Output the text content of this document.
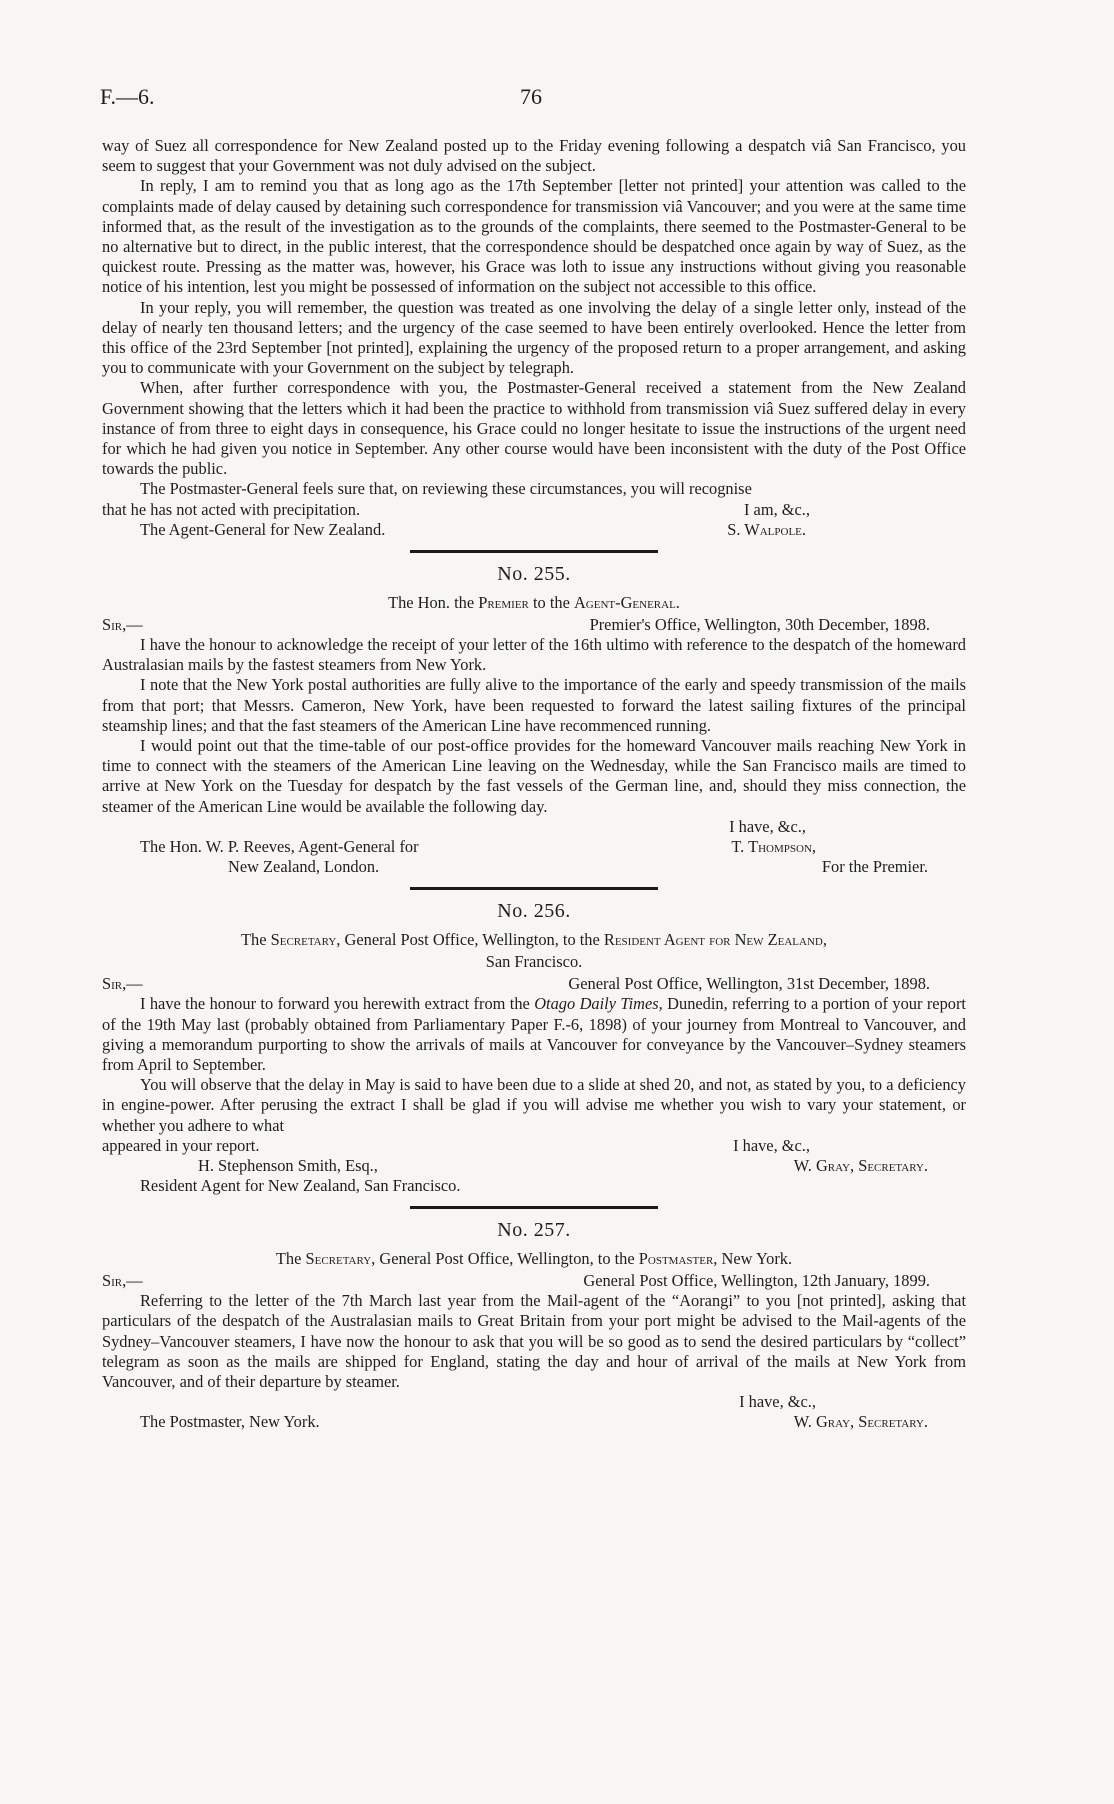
F.—6.	76

way of Suez all correspondence for New Zealand posted up to the Friday evening following a despatch viâ San Francisco, you seem to suggest that your Government was not duly advised on the subject.

In reply, I am to remind you that as long ago as the 17th September [letter not printed] your attention was called to the complaints made of delay caused by detaining such correspondence for transmission viâ Vancouver; and you were at the same time informed that, as the result of the investigation as to the grounds of the complaints, there seemed to the Postmaster-General to be no alternative but to direct, in the public interest, that the correspondence should be despatched once again by way of Suez, as the quickest route. Pressing as the matter was, however, his Grace was loth to issue any instructions without giving you reasonable notice of his intention, lest you might be possessed of information on the subject not accessible to this office.

In your reply, you will remember, the question was treated as one involving the delay of a single letter only, instead of the delay of nearly ten thousand letters; and the urgency of the case seemed to have been entirely overlooked. Hence the letter from this office of the 23rd September [not printed], explaining the urgency of the proposed return to a proper arrangement, and asking you to communicate with your Government on the subject by telegraph.

When, after further correspondence with you, the Postmaster-General received a statement from the New Zealand Government showing that the letters which it had been the practice to withhold from transmission viâ Suez suffered delay in every instance of from three to eight days in consequence, his Grace could no longer hesitate to issue the instructions of the urgent need for which he had given you notice in September. Any other course would have been inconsistent with the duty of the Post Office towards the public.

The Postmaster-General feels sure that, on reviewing these circumstances, you will recognise

that he has not acted with precipitation.	I am, &c.,
The Agent-General for New Zealand.	S. Walpole.
No. 255.
The Hon. the Premier to the Agent-General.
Sir,—	Premier's Office, Wellington, 30th December, 1898.

I have the honour to acknowledge the receipt of your letter of the 16th ultimo with reference to the despatch of the homeward Australasian mails by the fastest steamers from New York.

I note that the New York postal authorities are fully alive to the importance of the early and speedy transmission of the mails from that port; that Messrs. Cameron, New York, have been requested to forward the latest sailing fixtures of the principal steamship lines; and that the fast steamers of the American Line have recommenced running.

I would point out that the time-table of our post-office provides for the homeward Vancouver mails reaching New York in time to connect with the steamers of the American Line leaving on the Wednesday, while the San Francisco mails are timed to arrive at New York on the Tuesday for despatch by the fast vessels of the German line, and, should they miss connection, the steamer of the American Line would be available the following day.

I have, &c.,
The Hon. W. P. Reeves, Agent-General for	T. Thompson,
New Zealand, London.	For the Premier.
No. 256.
The Secretary, General Post Office, Wellington, to the Resident Agent for New Zealand,
San Francisco.
Sir,—	General Post Office, Wellington, 31st December, 1898.

I have the honour to forward you herewith extract from the Otago Daily Times, Dunedin, referring to a portion of your report of the 19th May last (probably obtained from Parliamentary Paper F.-6, 1898) of your journey from Montreal to Vancouver, and giving a memorandum purporting to show the arrivals of mails at Vancouver for conveyance by the Vancouver–Sydney steamers from April to September.

You will observe that the delay in May is said to have been due to a slide at shed 20, and not, as stated by you, to a deficiency in engine-power. After perusing the extract I shall be glad if you will advise me whether you wish to vary your statement, or whether you adhere to what

appeared in your report.	I have, &c.,
H. Stephenson Smith, Esq.,	W. Gray, Secretary.
Resident Agent for New Zealand, San Francisco.
No. 257.
The Secretary, General Post Office, Wellington, to the Postmaster, New York.
Sir,—	General Post Office, Wellington, 12th January, 1899.

Referring to the letter of the 7th March last year from the Mail-agent of the “Aorangi” to you [not printed], asking that particulars of the despatch of the Australasian mails to Great Britain from your port might be advised to the Mail-agents of the Sydney–Vancouver steamers, I have now the honour to ask that you will be so good as to send the desired particulars by “collect” telegram as soon as the mails are shipped for England, stating the day and hour of arrival of the mails at New York from Vancouver, and of their departure by steamer.

I have, &c.,
The Postmaster, New York.	W. Gray, Secretary.
